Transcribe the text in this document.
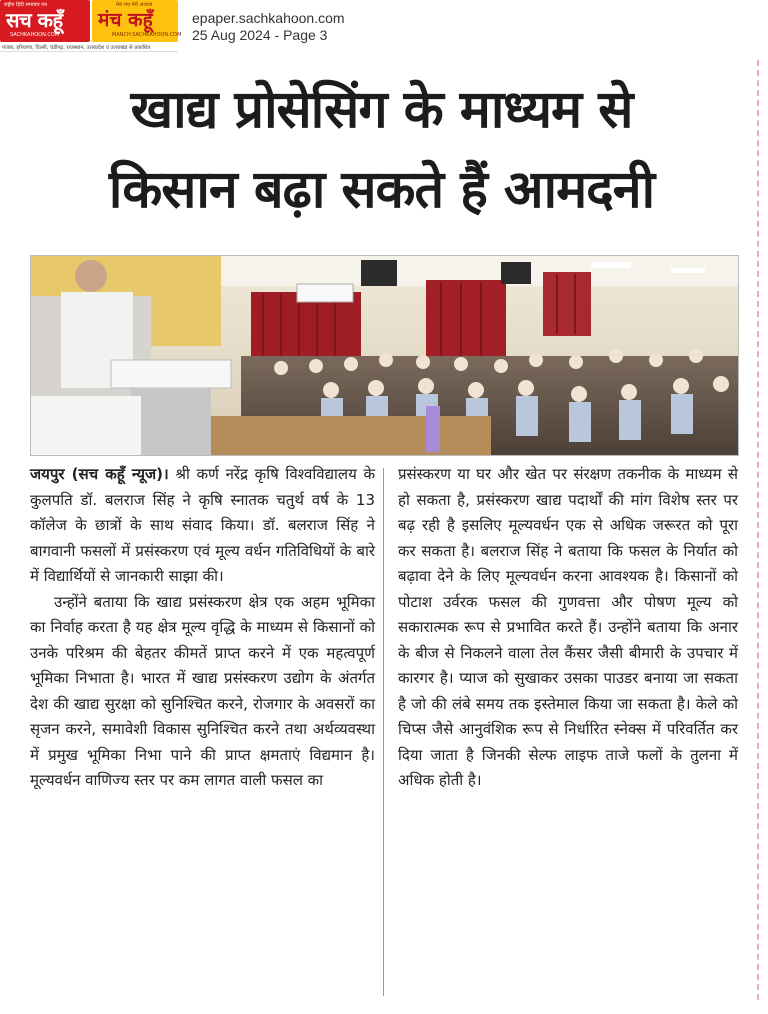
राष्ट्रीय हिंदी समाचार पत्र
सच कहूँ
SACHKAHOON.COM
मेरा मंच मेरी आवाज
मंच कहूँ
MANCH.SACHKAHOON.COM
पंजाब, हरियाणा, दिल्ली, चंडीगढ़, राजस्थान, उत्तरप्रदेश व उत्तराखंड से प्रकाशित
epaper.sachkahoon.com
25 Aug 2024 - Page 3
खाद्य प्रोसेसिंग के माध्यम से
किसान बढ़ा सकते हैं आमदनी

जयपुर (सच कहूँ न्यूज)। श्री कर्ण नरेंद्र कृषि विश्वविद्यालय के कुलपति डॉ. बलराज सिंह ने कृषि स्नातक चतुर्थ वर्ष के 13 कॉलेज के छात्रों के साथ संवाद किया। डॉ. बलराज सिंह ने बागवानी फसलों में प्रसंस्करण एवं मूल्य वर्धन गतिविधियों के बारे में विद्यार्थियों से जानकारी साझा की।

उन्होंने बताया कि खाद्य प्रसंस्करण क्षेत्र एक अहम भूमिका का निर्वाह करता है यह क्षेत्र मूल्य वृद्धि के माध्यम से किसानों को उनके परिश्रम की बेहतर कीमतें प्राप्त करने में एक महत्वपूर्ण भूमिका निभाता है। भारत में खाद्य प्रसंस्करण उद्योग के अंतर्गत देश की खाद्य सुरक्षा को सुनिश्चित करने, रोजगार के अवसरों का सृजन करने, समावेशी विकास सुनिश्चित करने तथा अर्थव्यवस्था में प्रमुख भूमिका निभा पाने की प्राप्त क्षमताएं विद्यमान है। मूल्यवर्धन वाणिज्य स्तर पर कम लागत वाली फसल का

प्रसंस्करण या घर और खेत पर संरक्षण तकनीक के माध्यम से हो सकता है, प्रसंस्करण खाद्य पदार्थों की मांग विशेष स्तर पर बढ़ रही है इसलिए मूल्यवर्धन एक से अधिक जरूरत को पूरा कर सकता है। बलराज सिंह ने बताया कि फसल के निर्यात को बढ़ावा देने के लिए मूल्यवर्धन करना आवश्यक है। किसानों को पोटाश उर्वरक फसल की गुणवत्ता और पोषण मूल्य को सकारात्मक रूप से प्रभावित करते हैं। उन्होंने बताया कि अनार के बीज से निकलने वाला तेल कैंसर जैसी बीमारी के उपचार में कारगर है। प्याज को सुखाकर उसका पाउडर बनाया जा सकता है जो की लंबे समय तक इस्तेमाल किया जा सकता है। केले को चिप्स जैसे आनुवंशिक रूप से निर्धारित स्नेक्स में परिवर्तित कर दिया जाता है जिनकी सेल्फ लाइफ ताजे फलों के तुलना में अधिक होती है।
